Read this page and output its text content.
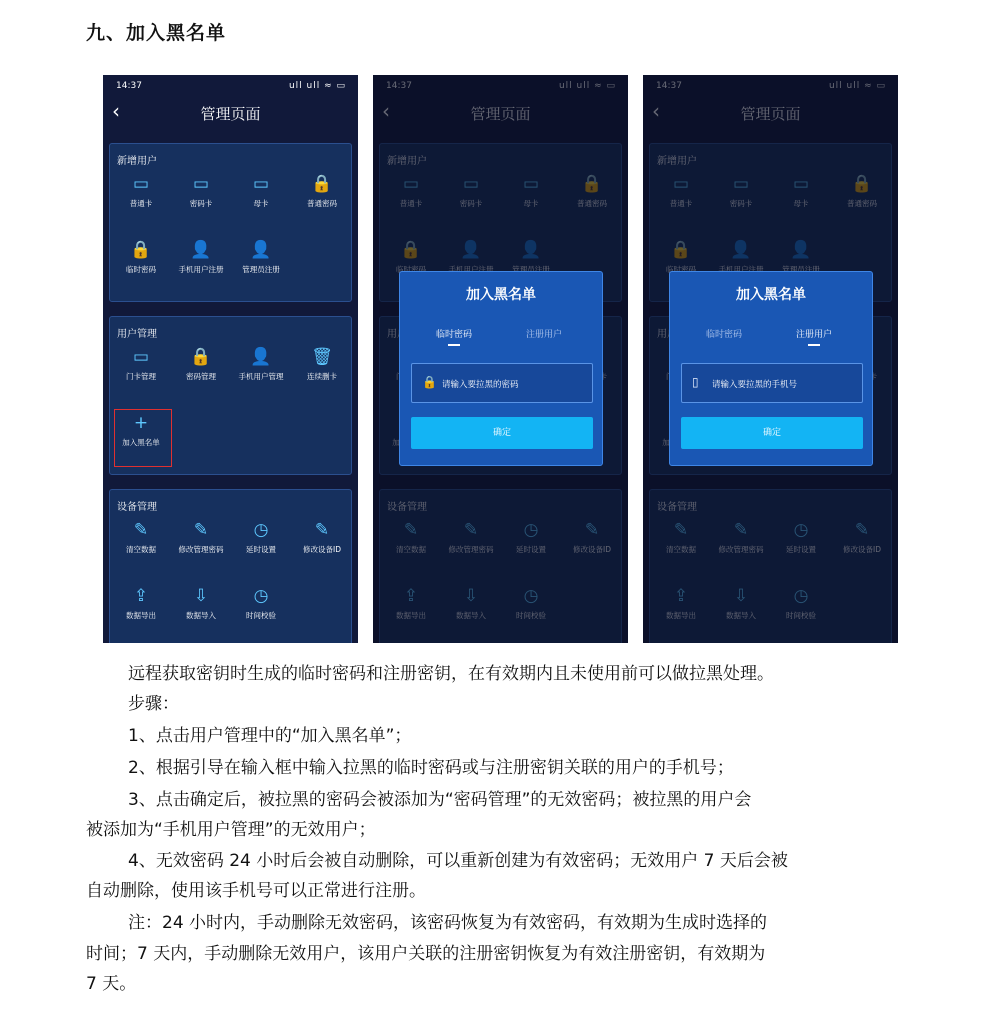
九、加入黑名单
14:37	ull ull ≈ ▭
‹	管理页面
新增用户
▭
普通卡
▭
密码卡
▭
母卡
🔒
普通密码
🔒
临时密码
👤
手机用户注册
👤
管理员注册
用户管理
▭
门卡管理
🔒
密码管理
👤
手机用户管理
🗑
连续删卡
+
加入黑名单
设备管理
✎
清空数据
✎
修改管理密码
◷
延时设置
✎
修改设备ID
⇪
数据导出
⇩
数据导入
◷
时间校验
加入黑名单
临时密码	注册用户
🔒 请输入要拉黑的密码
确定
加入黑名单
临时密码	注册用户
▯ 请输入要拉黑的手机号
确定
远程获取密钥时生成的临时密码和注册密钥，在有效期内且未使用前可以做拉黑处理。
步骤：
1、点击用户管理中的“加入黑名单”；
2、根据引导在输入框中输入拉黑的临时密码或与注册密钥关联的用户的手机号；
3、点击确定后，被拉黑的密码会被添加为“密码管理”的无效密码；被拉黑的用户会
被添加为“手机用户管理”的无效用户；
4、无效密码 24 小时后会被自动删除，可以重新创建为有效密码；无效用户 7 天后会被
自动删除，使用该手机号可以正常进行注册。
注：24 小时内，手动删除无效密码，该密码恢复为有效密码，有效期为生成时选择的
时间；7 天内，手动删除无效用户，该用户关联的注册密钥恢复为有效注册密钥，有效期为
7 天。
